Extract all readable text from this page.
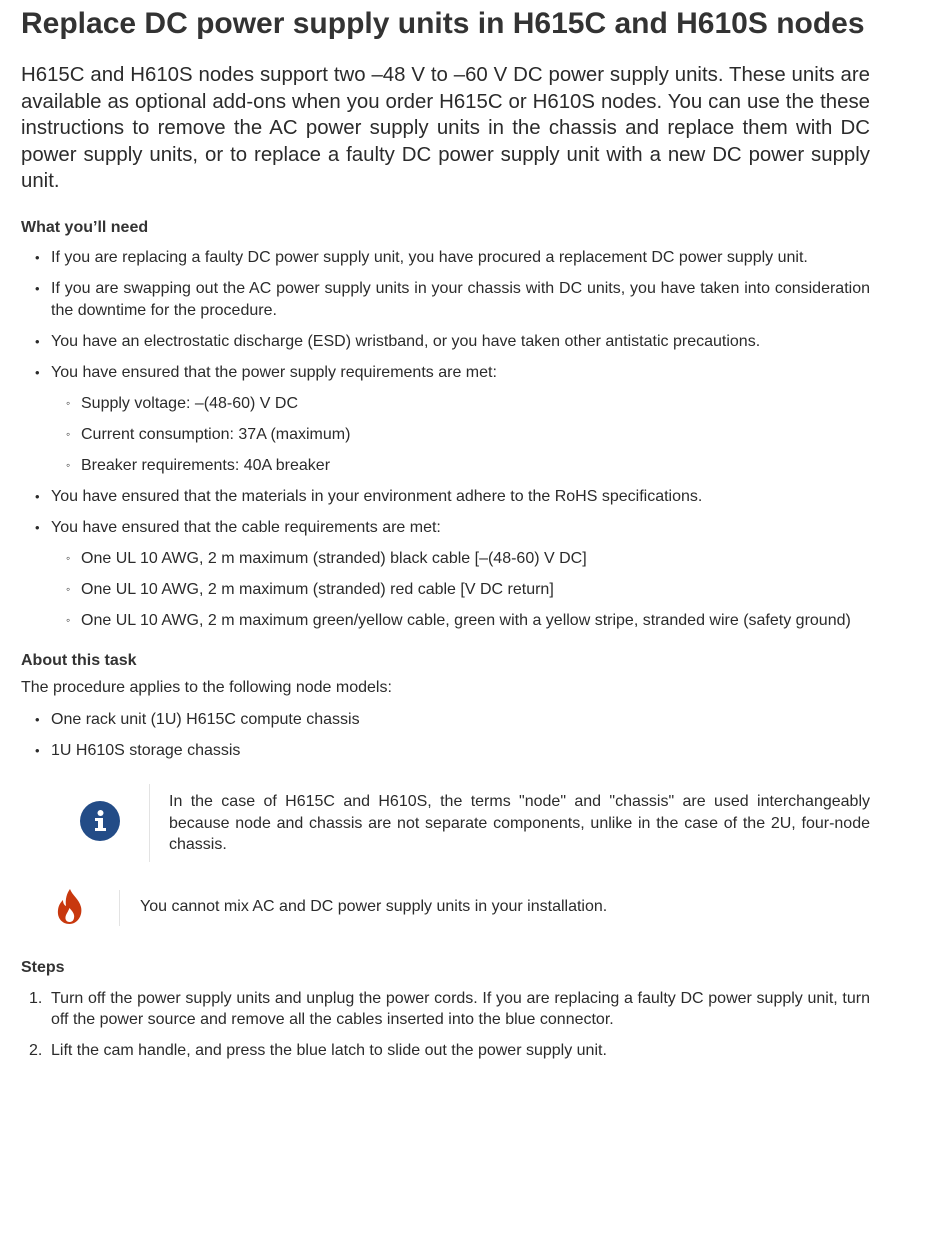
Replace DC power supply units in H615C and H610S nodes

H615C and H610S nodes support two –48 V to –60 V DC power supply units. These units are available as optional add-ons when you order H615C or H610S nodes. You can use the these instructions to remove the AC power supply units in the chassis and replace them with DC power supply units, or to replace a faulty DC power supply unit with a new DC power supply unit.

What you’ll need
• If you are replacing a faulty DC power supply unit, you have procured a replacement DC power supply unit.
• If you are swapping out the AC power supply units in your chassis with DC units, you have taken into consideration the downtime for the procedure.
• You have an electrostatic discharge (ESD) wristband, or you have taken other antistatic precautions.
• You have ensured that the power supply requirements are met:
◦ Supply voltage: –(48-60) V DC
◦ Current consumption: 37A (maximum)
◦ Breaker requirements: 40A breaker
• You have ensured that the materials in your environment adhere to the RoHS specifications.
• You have ensured that the cable requirements are met:
◦ One UL 10 AWG, 2 m maximum (stranded) black cable [–(48-60) V DC]
◦ One UL 10 AWG, 2 m maximum (stranded) red cable [V DC return]
◦ One UL 10 AWG, 2 m maximum green/yellow cable, green with a yellow stripe, stranded wire (safety ground)
About this task

The procedure applies to the following node models:

• One rack unit (1U) H615C compute chassis
• 1U H610S storage chassis
In the case of H615C and H610S, the terms "node" and "chassis" are used interchangeably because node and chassis are not separate components, unlike in the case of the 2U, four-node chassis.
You cannot mix AC and DC power supply units in your installation.
Steps
1. Turn off the power supply units and unplug the power cords. If you are replacing a faulty DC power supply unit, turn off the power source and remove all the cables inserted into the blue connector.
2. Lift the cam handle, and press the blue latch to slide out the power supply unit.
